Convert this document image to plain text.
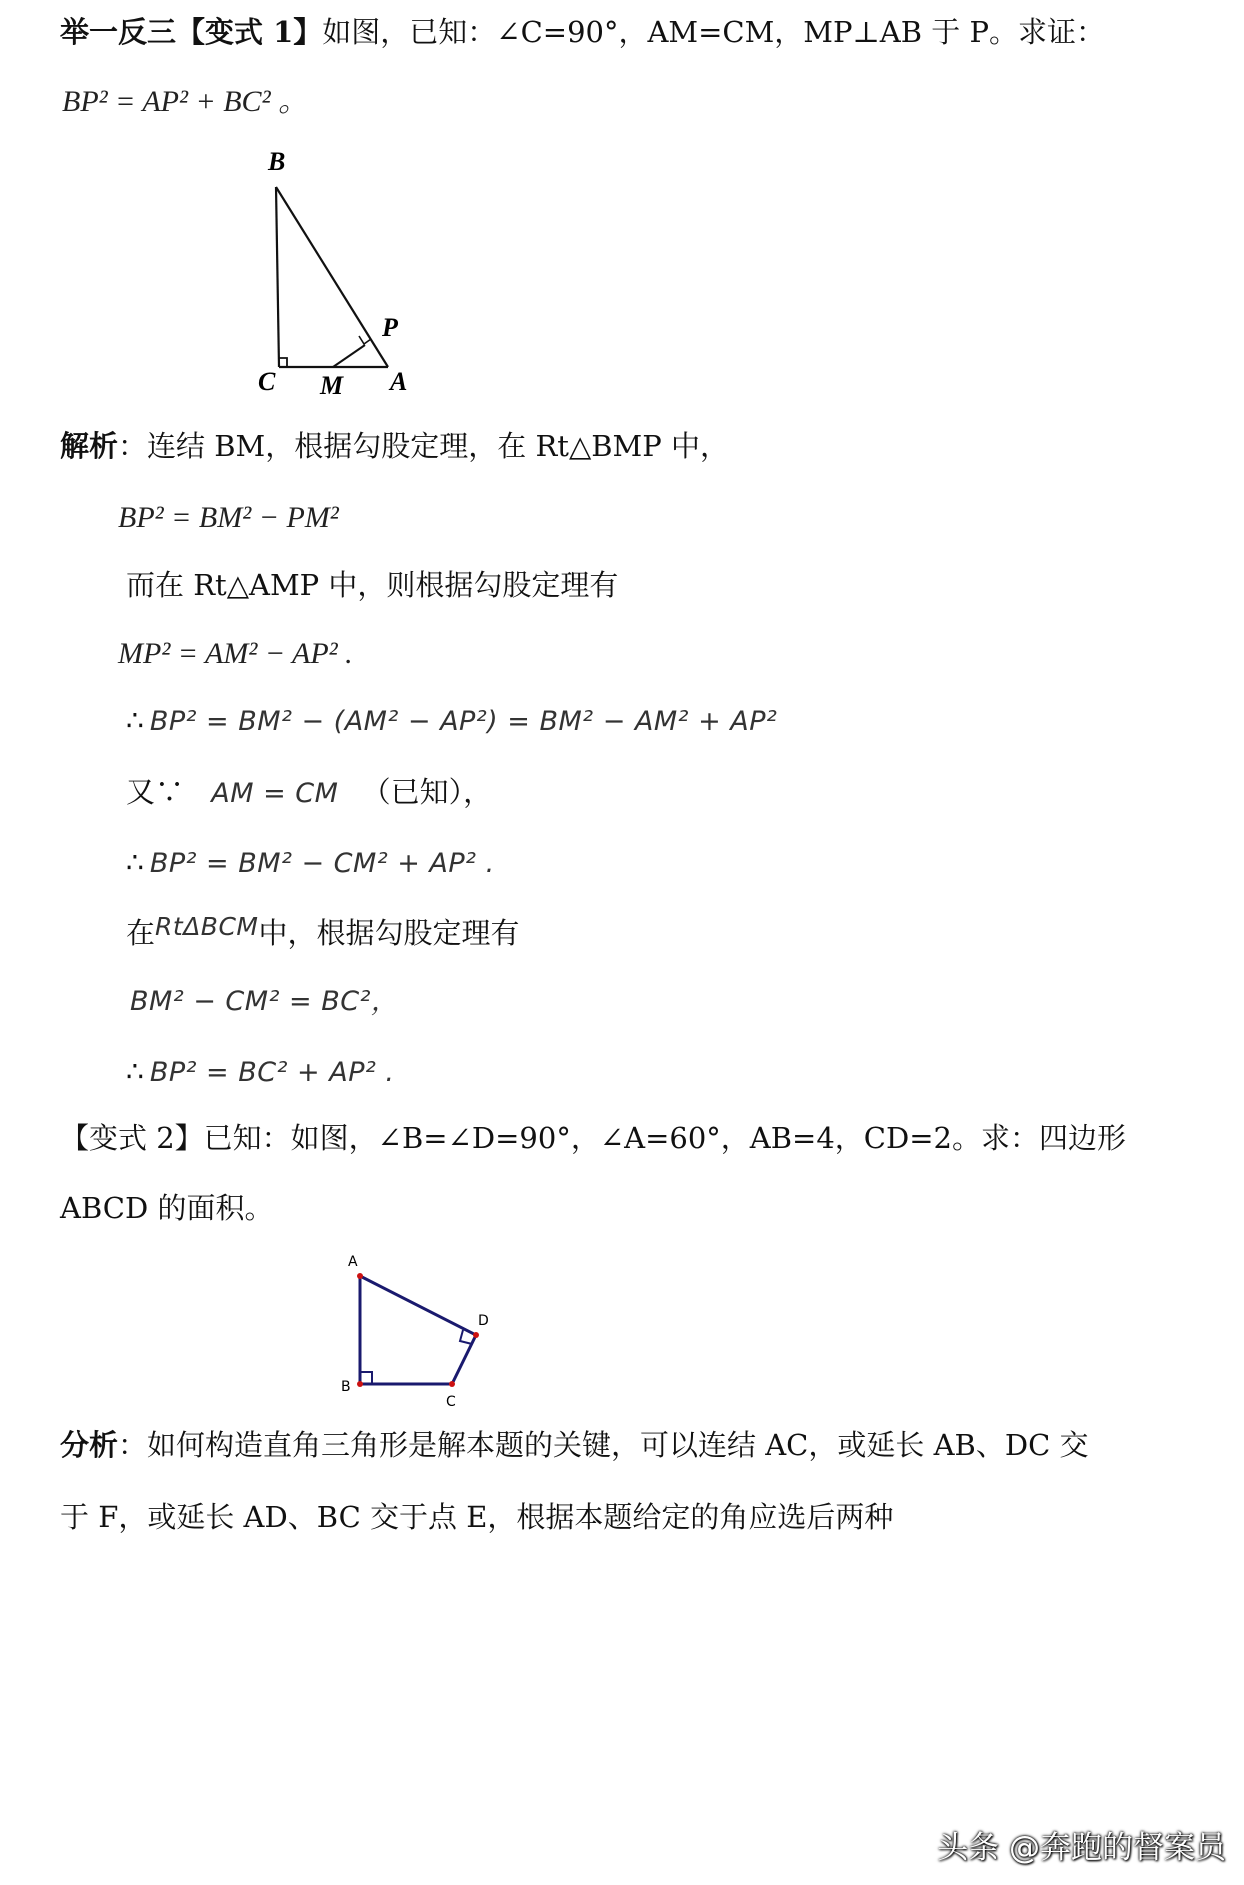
举一反三【变式 1】如图，已知：∠C=90°，AM=CM，MP⊥AB 于 P。求证：
BP² = AP² + BC² 。
B
C M A
P
解析：连结 BM，根据勾股定理，在 Rt△BMP 中，
BP² = BM² − PM²
而在 Rt△AMP 中，则根据勾股定理有
MP² = AM² − AP² .
∴ BP² = BM² − (AM² − AP²) = BM² − AM² + AP²
又∵ AM = CM （已知），
∴ BP² = BM² − CM² + AP² .
在RtΔBCM中，根据勾股定理有
BM² − CM² = BC²，
∴ BP² = BC² + AP² .
【变式 2】已知：如图，∠B=∠D=90°，∠A=60°，AB=4，CD=2。求：四边形
ABCD 的面积。
A
B
C
D
分析：如何构造直角三角形是解本题的关键，可以连结 AC，或延长 AB、DC 交
于 F，或延长 AD、BC 交于点 E，根据本题给定的角应选后两种
头条 @奔跑的督案员
